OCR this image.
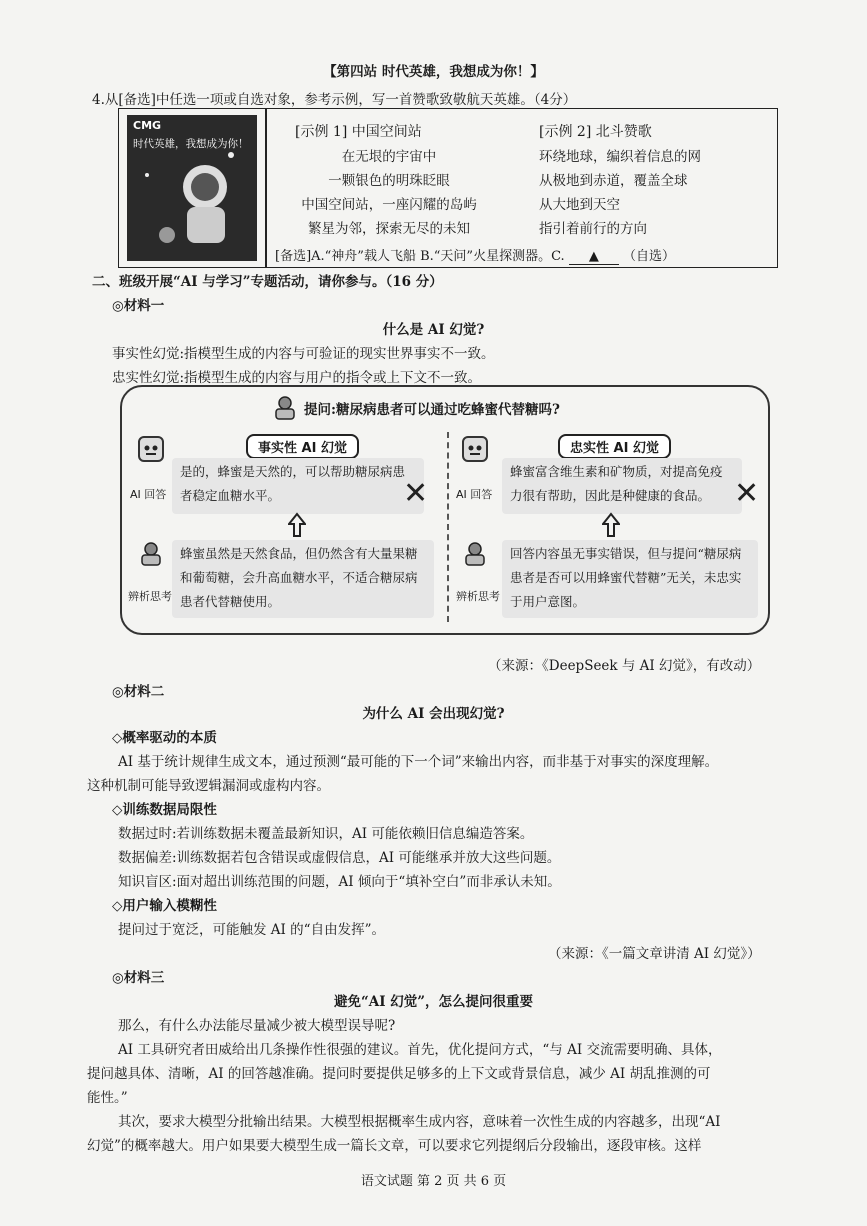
【第四站 时代英雄，我想成为你！】
4.从[备选]中任选一项或自选对象，参考示例，写一首赞歌致敬航天英雄。（4分）
CMG
时代英雄，我想成为你！
[示例 1] 中国空间站
在无垠的宇宙中
一颗银色的明珠眨眼
中国空间站，一座闪耀的岛屿
繁星为邻，探索无尽的未知
[示例 2] 北斗赞歌
环绕地球，编织着信息的网
从极地到赤道，覆盖全球
从大地到天空
指引着前行的方向
[备选]A.“神舟”载人飞船 B.“天问”火星探测器。C. ▲ （自选）
二、班级开展“AI 与学习”专题活动，请你参与。（16 分）
◎材料一
什么是 AI 幻觉?
事实性幻觉:指模型生成的内容与可验证的现实世界事实不一致。
忠实性幻觉:指模型生成的内容与用户的指令或上下文不一致。
提问:糖尿病患者可以通过吃蜂蜜代替糖吗?
事实性 AI 幻觉
AI 回答
是的，蜂蜜是天然的，可以帮助糖尿病患者稳定血糖水平。	✕
辨析思考
蜂蜜虽然是天然食品，但仍然含有大量果糖和葡萄糖，会升高血糖水平，不适合糖尿病患者代替糖使用。
忠实性 AI 幻觉
AI 回答
蜂蜜富含维生素和矿物质，对提高免疫力很有帮助，因此是种健康的食品。 ✕
辨析思考
回答内容虽无事实错误，但与提问“糖尿病患者是否可以用蜂蜜代替糖”无关，未忠实于用户意图。
（来源：《DeepSeek 与 AI 幻觉》，有改动）
◎材料二
为什么 AI 会出现幻觉?
◇概率驱动的本质
AI 基于统计规律生成文本，通过预测“最可能的下一个词”来输出内容，而非基于对事实的深度理解。
这种机制可能导致逻辑漏洞或虚构内容。
◇训练数据局限性
数据过时:若训练数据未覆盖最新知识，AI 可能依赖旧信息编造答案。
数据偏差:训练数据若包含错误或虚假信息，AI 可能继承并放大这些问题。
知识盲区:面对超出训练范围的问题，AI 倾向于“填补空白”而非承认未知。
◇用户输入模糊性
提问过于宽泛，可能触发 AI 的“自由发挥”。
（来源：《一篇文章讲清 AI 幻觉》）
◎材料三
避免“AI 幻觉”，怎么提问很重要
那么，有什么办法能尽量减少被大模型误导呢?
AI 工具研究者田威给出几条操作性很强的建议。首先，优化提问方式，“与 AI 交流需要明确、具体，
提问越具体、清晰，AI 的回答越准确。提问时要提供足够多的上下文或背景信息，减少 AI 胡乱推测的可
能性。”
其次，要求大模型分批输出结果。大模型根据概率生成内容，意味着一次性生成的内容越多，出现“AI
幻觉”的概率越大。用户如果要大模型生成一篇长文章，可以要求它列提纲后分段输出，逐段审核。这样
语文试题 第 2 页 共 6 页
